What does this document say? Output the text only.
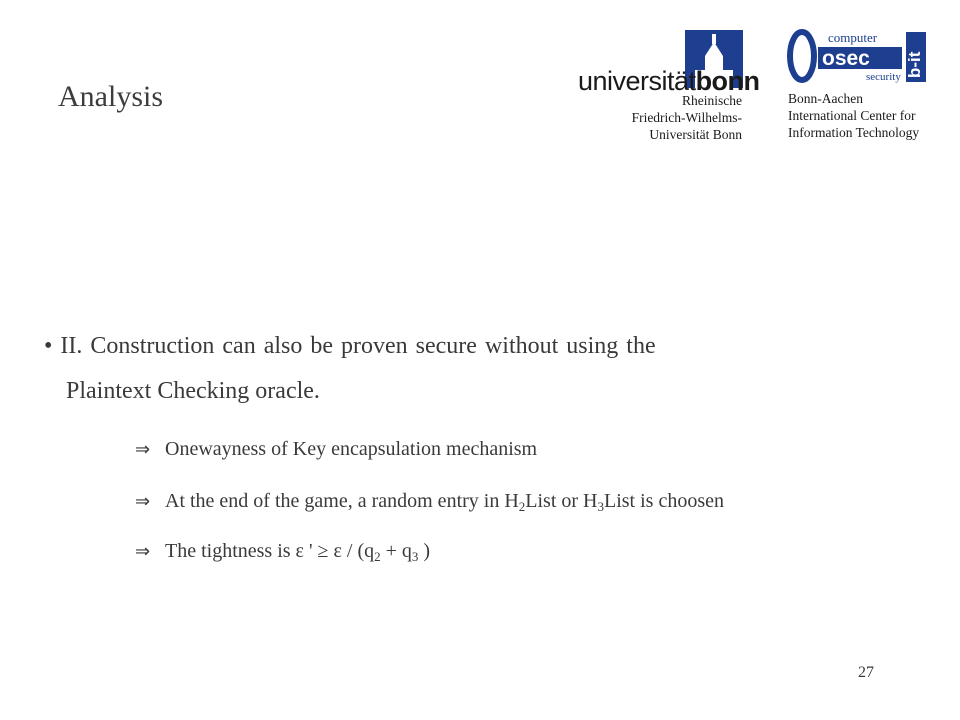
Analysis	universitätbonn
Rheinische
Friedrich-Wilhelms-
Universität Bonn
computer
osec
security b-it
Bonn-Aachen
International Center for
Information Technology
• II. Construction can also be proven secure without using the
Plaintext Checking oracle.
⇒ Onewayness of Key encapsulation mechanism
⇒ At the end of the game, a random entry in $H_2List$ or $H_3List$ is choosen
⇒ The tightness is ε ' ≥ $\varepsilon / (q_2 + q_3$ )
27
